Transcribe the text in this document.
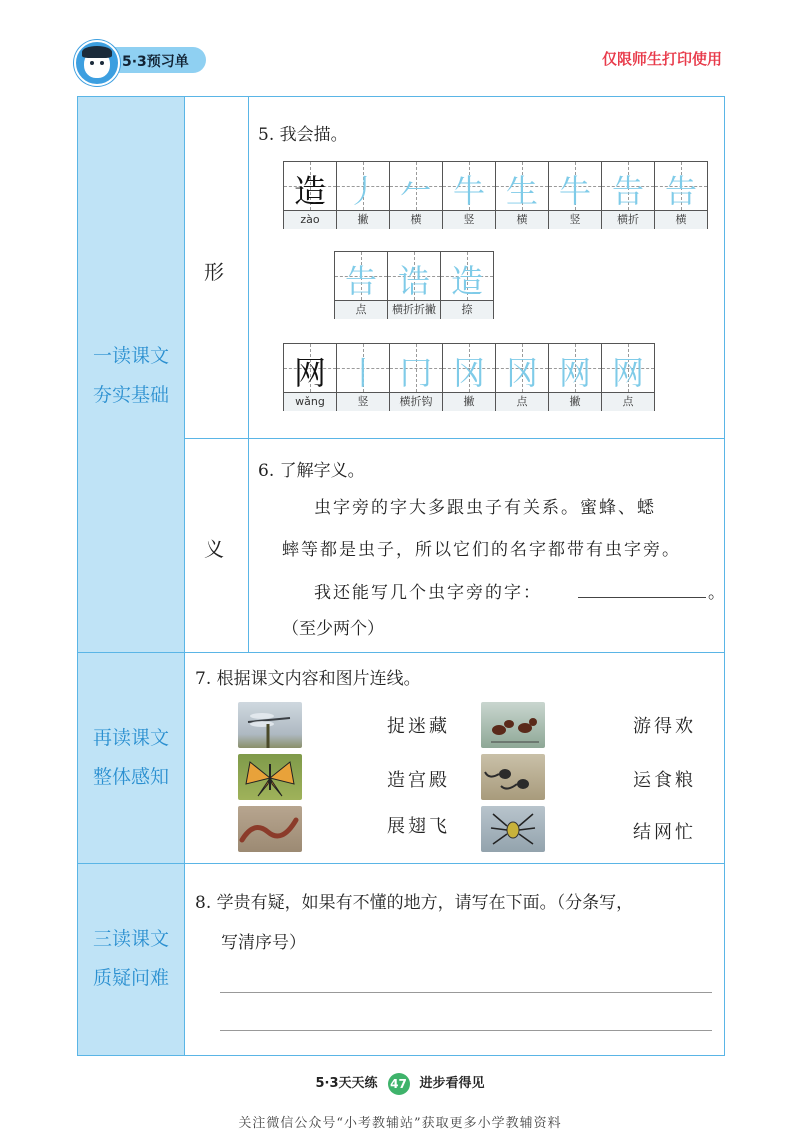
5·3预习单	仅限师生打印使用
一读课文
夯实基础
再读课文
整体感知
三读课文
质疑问难
形
义
5. 我会描。
造
zào
丿
撇
𠂉
横
牛
竖
生
横
牛
竖
告
横折
告
横
告
点
诰
横折折撇
造
捺
网
wǎng
丨
竖
冂
横折钩
冈
撇
冈
点
网
撇
网
点
6. 了解字义。
虫字旁的字大多跟虫子有关系。蜜蜂、蟋
蟀等都是虫子，所以它们的名字都带有虫字旁。
我还能写几个虫字旁的字：	。
（至少两个）
7. 根据课文内容和图片连线。
捉迷藏
造宫殿
展翅飞
游得欢
运食粮
结网忙
8. 学贵有疑，如果有不懂的地方，请写在下面。（分条写，
写清序号）
5·3天天练 47 进步看得见
关注微信公众号“小考教辅站”获取更多小学教辅资料
